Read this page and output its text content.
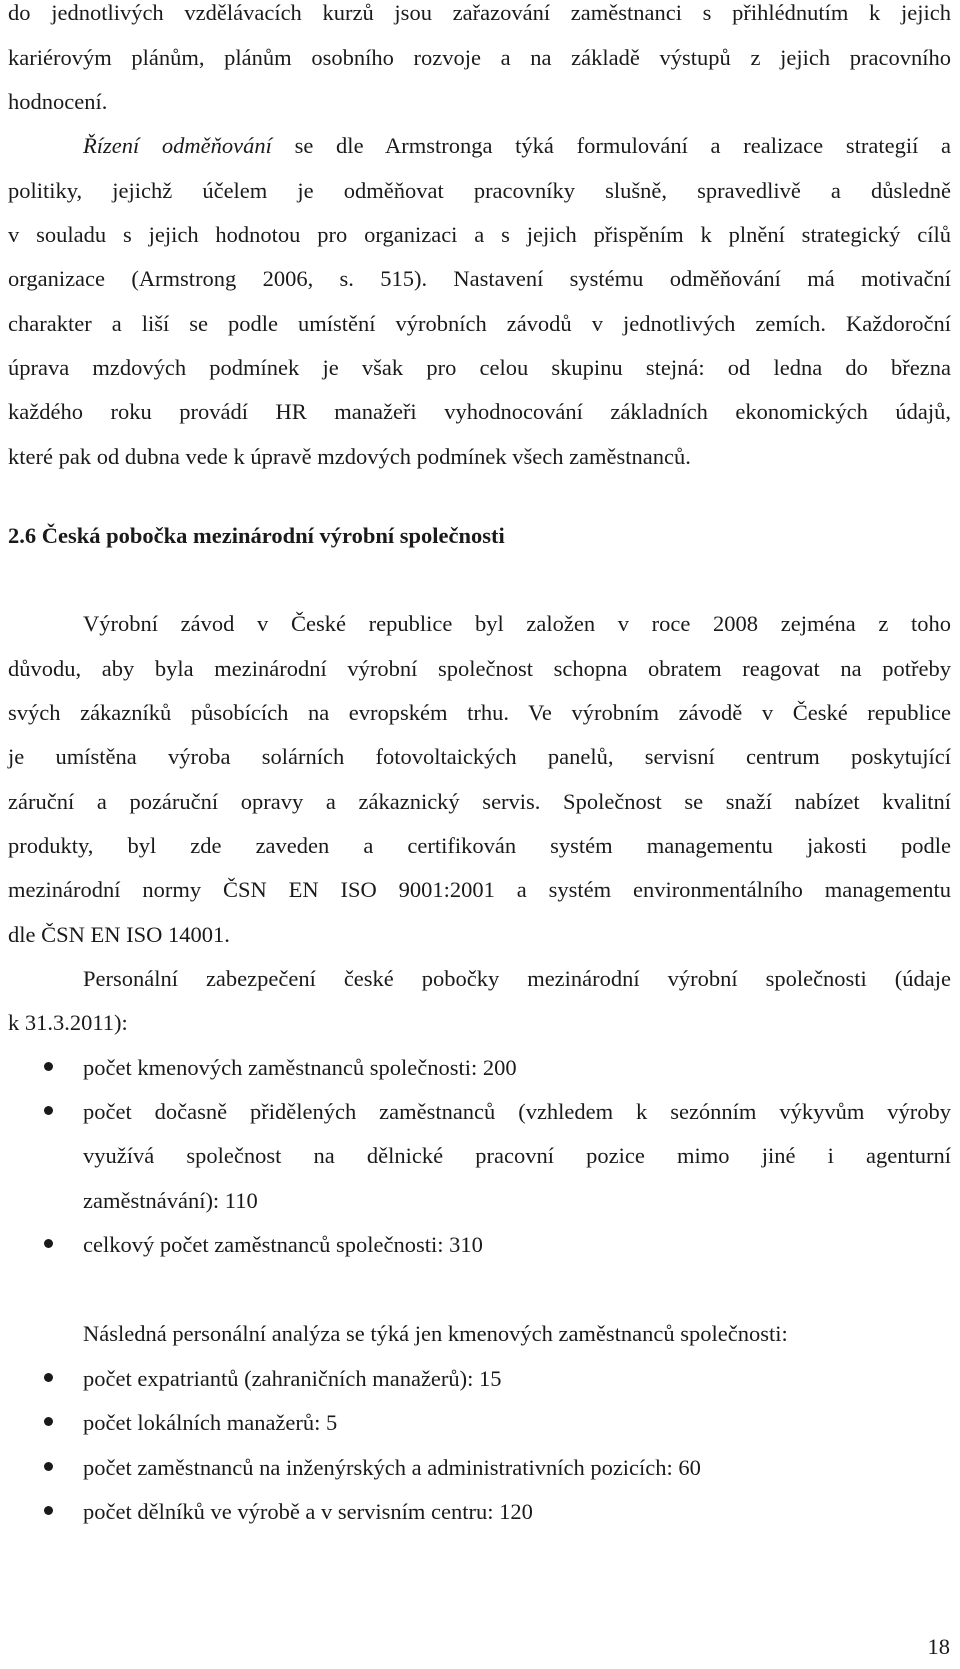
do jednotlivých vzdělávacích kurzů jsou zařazování zaměstnanci s přihlédnutím k jejich

kariérovým plánům, plánům osobního rozvoje a na základě výstupů z jejich pracovního

hodnocení.

Řízení odměňování se dle Armstronga týká formulování a realizace strategií a

politiky, jejichž účelem je odměňovat pracovníky slušně, spravedlivě a důsledně

v souladu s jejich hodnotou pro organizaci a s jejich přispěním k plnění strategický cílů

organizace (Armstrong 2006, s. 515). Nastavení systému odměňování má motivační

charakter a liší se podle umístění výrobních závodů v jednotlivých zemích. Každoroční

úprava mzdových podmínek je však pro celou skupinu stejná: od ledna do března

každého roku provádí HR manažeři vyhodnocování základních ekonomických údajů,

které pak od dubna vede k úpravě mzdových podmínek všech zaměstnanců.

2.6 Česká pobočka mezinárodní výrobní společnosti

Výrobní závod v České republice byl založen v roce 2008 zejména z toho

důvodu, aby byla mezinárodní výrobní společnost schopna obratem reagovat na potřeby

svých zákazníků působících na evropském trhu. Ve výrobním závodě v České republice

je umístěna výroba solárních fotovoltaických panelů, servisní centrum poskytující

záruční a pozáruční opravy a zákaznický servis. Společnost se snaží nabízet kvalitní

produkty, byl zde zaveden a certifikován systém managementu jakosti podle

mezinárodní normy ČSN EN ISO 9001:2001 a systém environmentálního managementu

dle ČSN EN ISO 14001.

Personální zabezpečení české pobočky mezinárodní výrobní společnosti (údaje

k 31.3.2011):

počet kmenových zaměstnanců společnosti: 200

počet dočasně přidělených zaměstnanců (vzhledem k sezónním výkyvům výroby

využívá společnost na dělnické pracovní pozice mimo jiné i agenturní

zaměstnávání): 110

celkový počet zaměstnanců společnosti: 310

Následná personální analýza se týká jen kmenových zaměstnanců společnosti:

počet expatriantů (zahraničních manažerů): 15

počet lokálních manažerů: 5

počet zaměstnanců na inženýrských a administrativních pozicích: 60

počet dělníků ve výrobě a v servisním centru: 120

18
